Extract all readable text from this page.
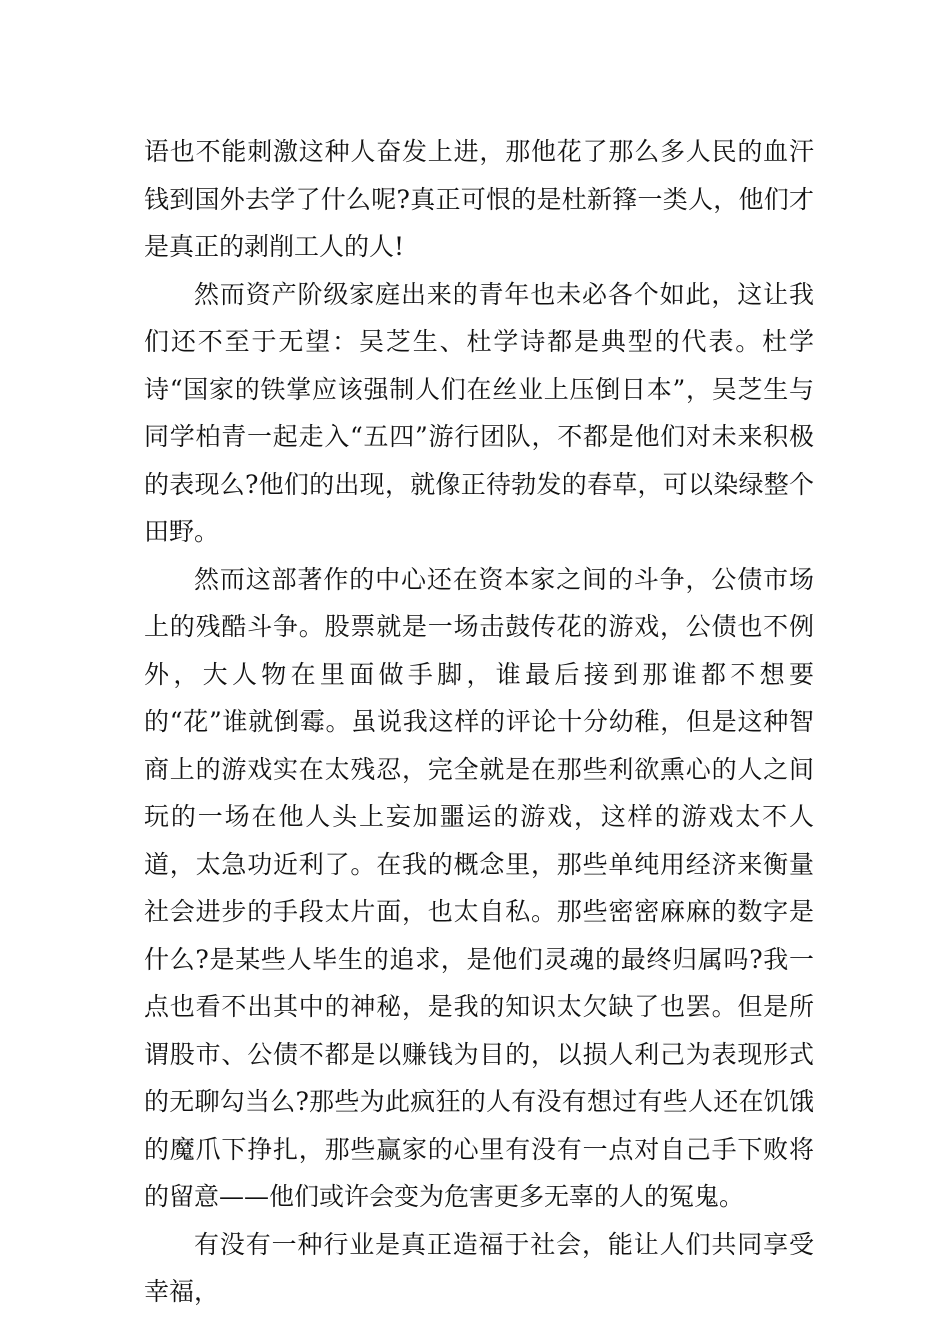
语也不能刺激这种人奋发上进，那他花了那么多人民的血汗钱到国外去学了什么呢?真正可恨的是杜新箨一类人，他们才是真正的剥削工人的人!

然而资产阶级家庭出来的青年也未必各个如此，这让我们还不至于无望：吴芝生、杜学诗都是典型的代表。杜学诗“国家的铁掌应该强制人们在丝业上压倒日本”，吴芝生与同学柏青一起走入“五四”游行团队，不都是他们对未来积极的表现么?他们的出现，就像正待勃发的春草，可以染绿整个田野。

然而这部著作的中心还在资本家之间的斗争，公债市场上的残酷斗争。股票就是一场击鼓传花的游戏，公债也不例外，大人物在里面做手脚，谁最后接到那谁都不想要的“花”谁就倒霉。虽说我这样的评论十分幼稚，但是这种智商上的游戏实在太残忍，完全就是在那些利欲熏心的人之间玩的一场在他人头上妄加噩运的游戏，这样的游戏太不人道，太急功近利了。在我的概念里，那些单纯用经济来衡量社会进步的手段太片面，也太自私。那些密密麻麻的数字是什么?是某些人毕生的追求，是他们灵魂的最终归属吗?我一点也看不出其中的神秘，是我的知识太欠缺了也罢。但是所谓股市、公债不都是以赚钱为目的，以损人利己为表现形式的无聊勾当么?那些为此疯狂的人有没有想过有些人还在饥饿的魔爪下挣扎，那些赢家的心里有没有一点对自己手下败将的留意——他们或许会变为危害更多无辜的人的冤鬼。

有没有一种行业是真正造福于社会，能让人们共同享受幸福，
